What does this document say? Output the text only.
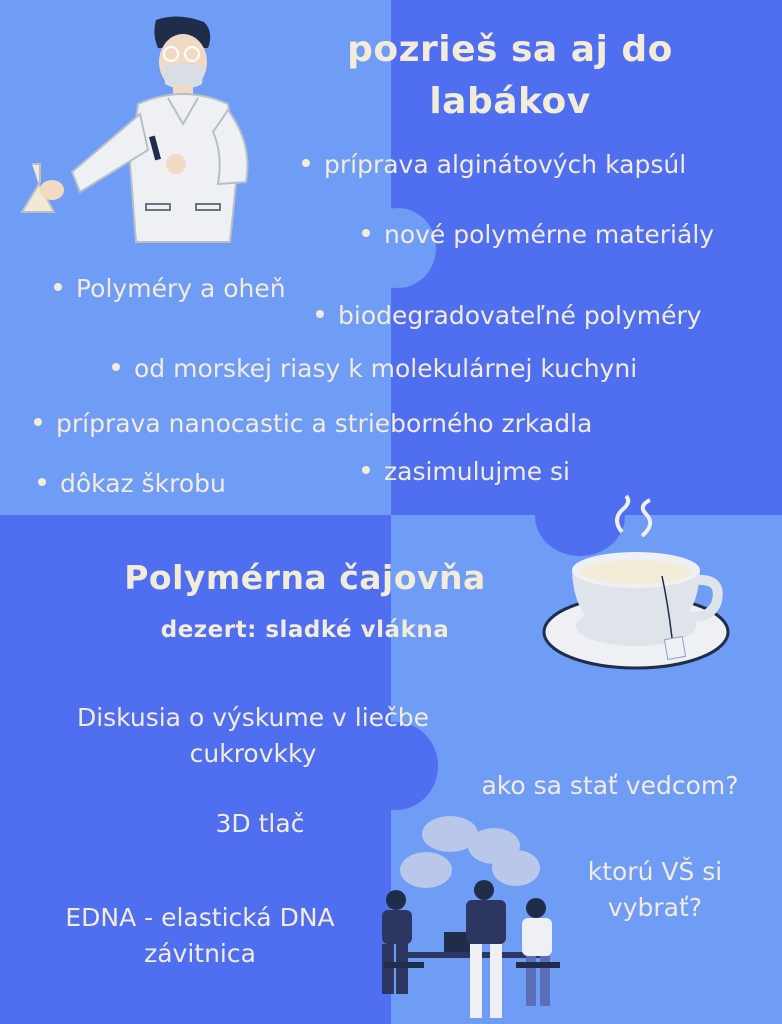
pozrieš sa aj do
labákov
príprava alginátových kapsúl
nové polymérne materiály
Polyméry a oheň
biodegradovateľné polyméry
od morskej riasy k molekulárnej kuchyni
príprava nanocastic a strieborného zrkadla
zasimulujme si
dôkaz škrobu
Polymérna čajovňa
dezert: sladké vlákna
Diskusia o výskume v liečbe
cukrovkky
3D tlač
EDNA - elastická DNA
závitnica
ako sa stať vedcom?
ktorú VŠ si
vybrať?
